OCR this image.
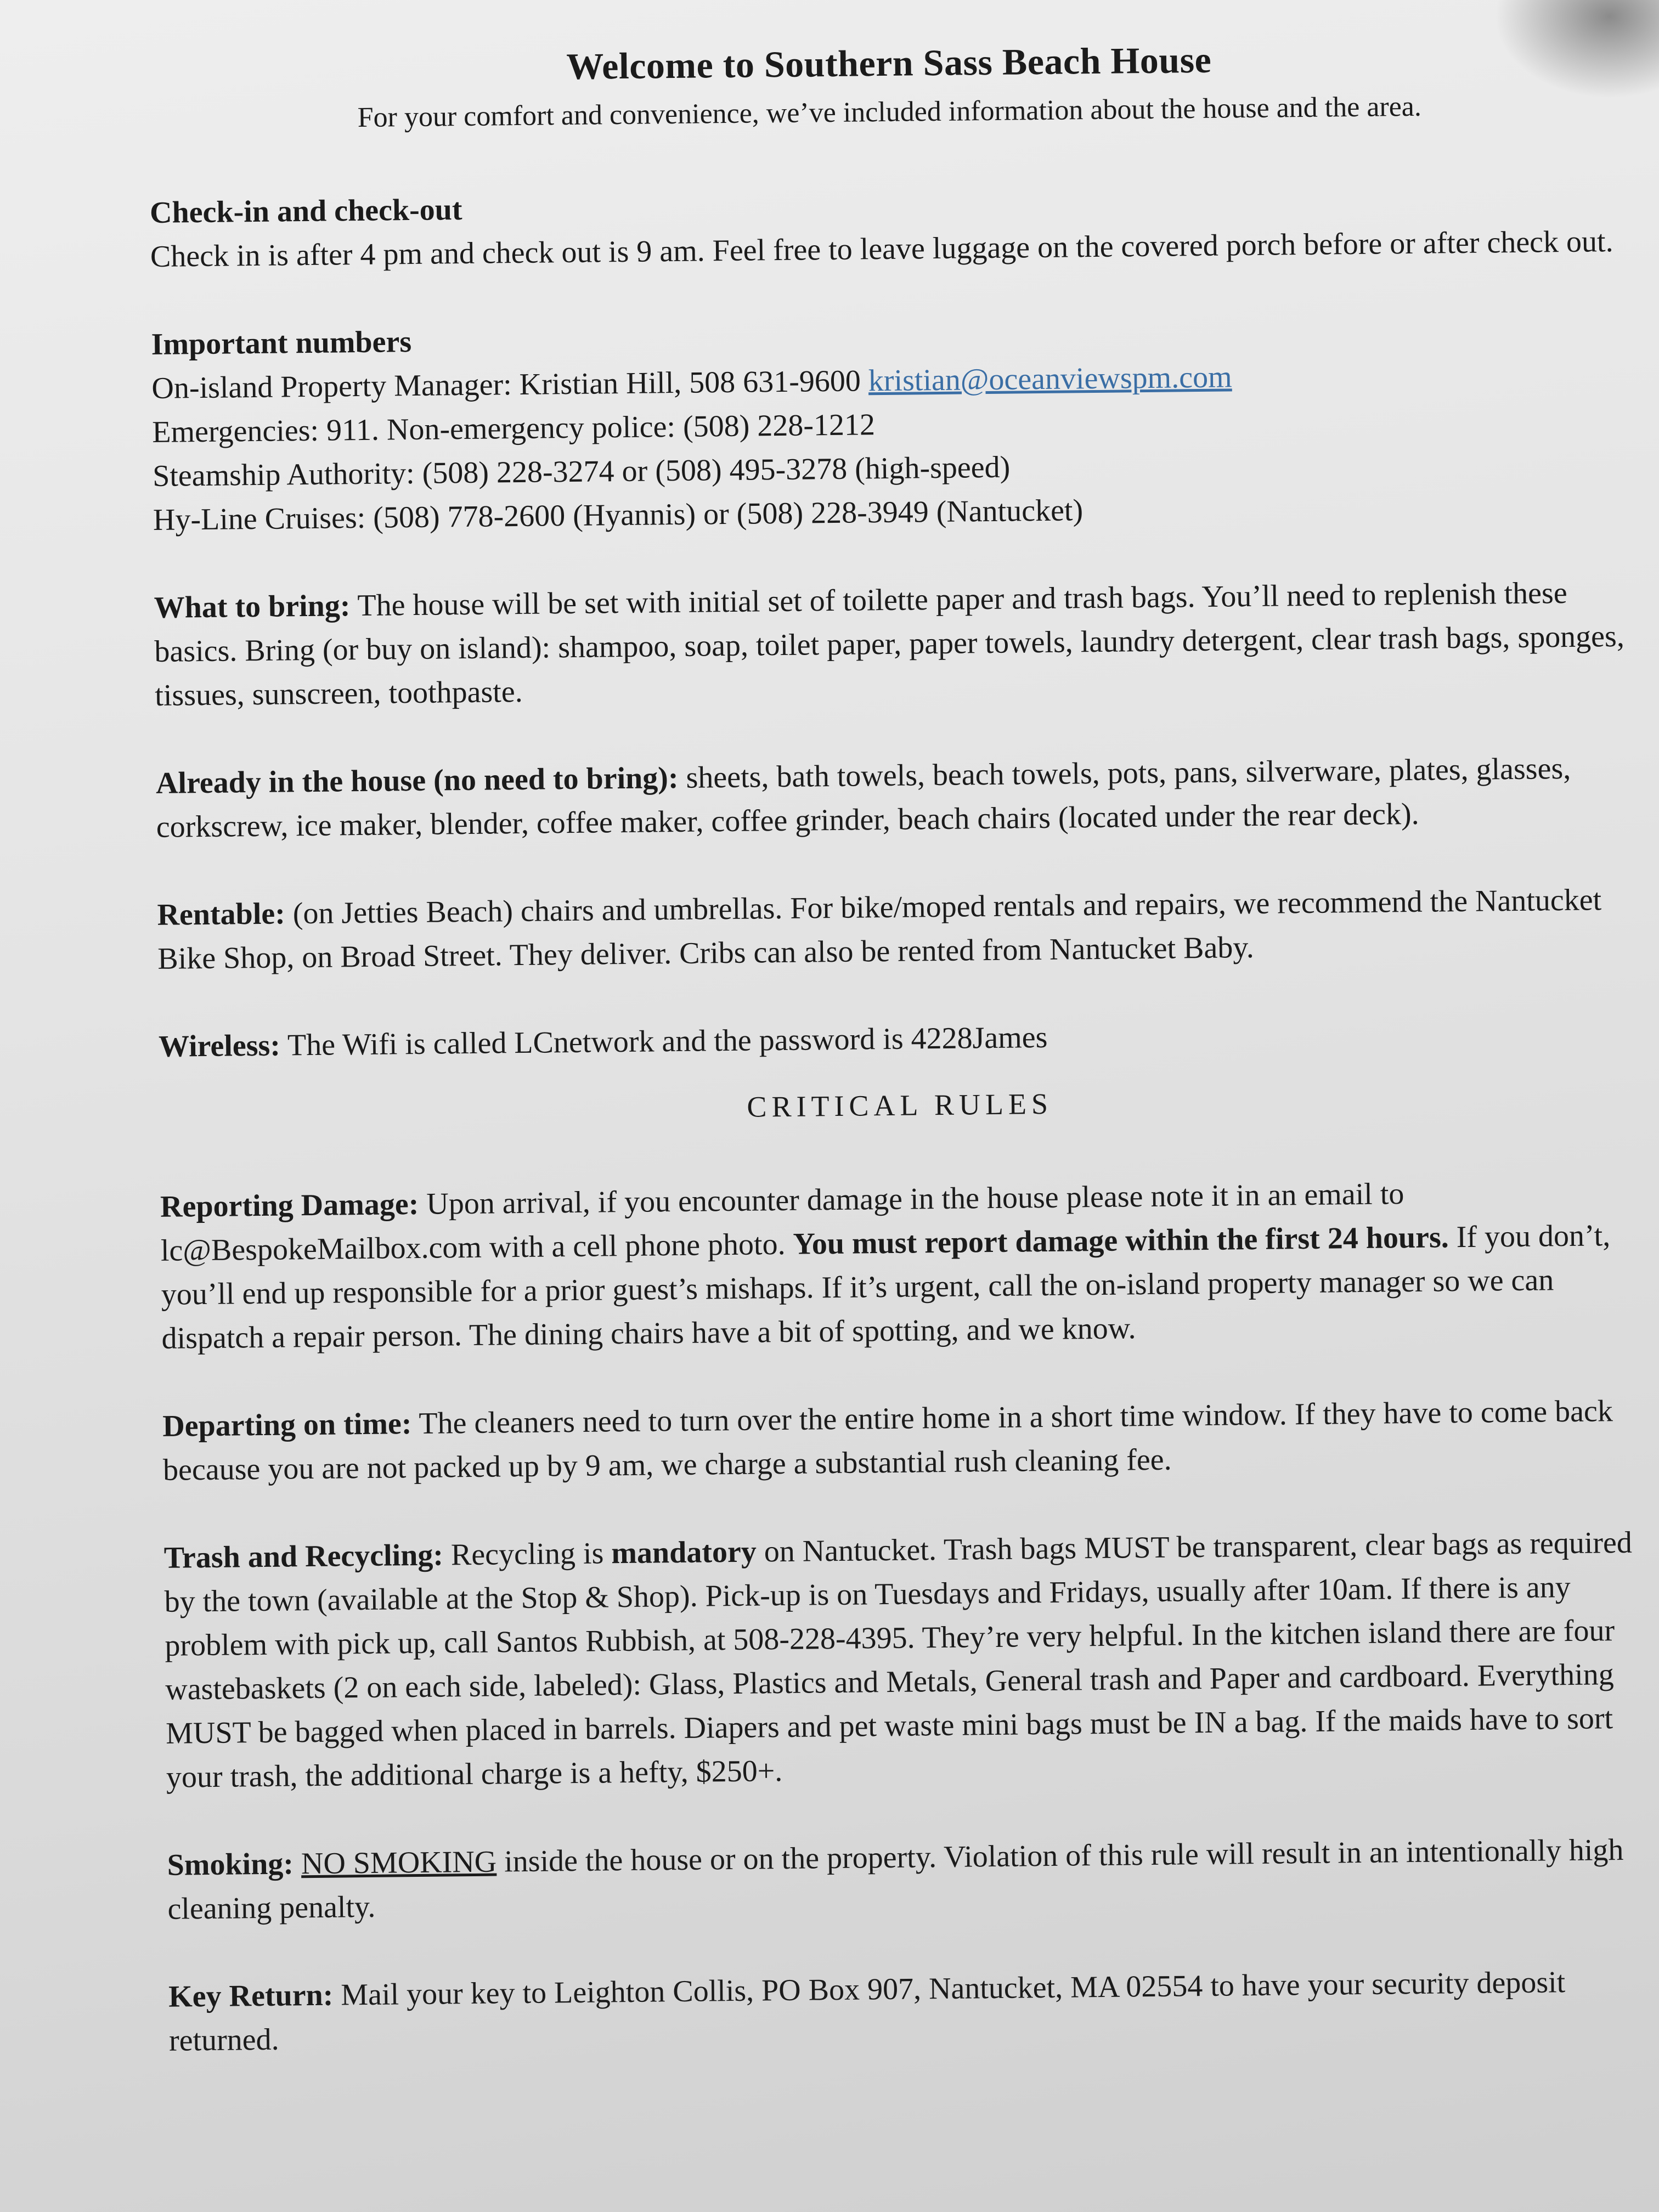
Welcome to Southern Sass Beach House
For your comfort and convenience, we’ve included information about the house and the area.
Check-in and check-out
Check in is after 4 pm and check out is 9 am. Feel free to leave luggage on the covered porch before or after check out.
Important numbers
On-island Property Manager: Kristian Hill, 508 631-9600 kristian@oceanviewspm.com
Emergencies: 911. Non-emergency police: (508) 228-1212
Steamship Authority: (508) 228-3274 or (508) 495-3278 (high-speed)
Hy-Line Cruises: (508) 778-2600 (Hyannis) or (508) 228-3949 (Nantucket)
What to bring: The house will be set with initial set of toilette paper and trash bags. You’ll need to replenish these basics. Bring (or buy on island): shampoo, soap, toilet paper, paper towels, laundry detergent, clear trash bags, sponges, tissues, sunscreen, toothpaste.
Already in the house (no need to bring): sheets, bath towels, beach towels, pots, pans, silverware, plates, glasses, corkscrew, ice maker, blender, coffee maker, coffee grinder, beach chairs (located under the rear deck).
Rentable: (on Jetties Beach) chairs and umbrellas. For bike/moped rentals and repairs, we recommend the Nantucket Bike Shop, on Broad Street. They deliver. Cribs can also be rented from Nantucket Baby.
Wireless: The Wifi is called LCnetwork and the password is 4228James
CRITICAL RULES
Reporting Damage: Upon arrival, if you encounter damage in the house please note it in an email to lc@BespokeMailbox.com with a cell phone photo. You must report damage within the first 24 hours. If you don’t, you’ll end up responsible for a prior guest’s mishaps. If it’s urgent, call the on-island property manager so we can dispatch a repair person. The dining chairs have a bit of spotting, and we know.
Departing on time: The cleaners need to turn over the entire home in a short time window. If they have to come back because you are not packed up by 9 am, we charge a substantial rush cleaning fee.
Trash and Recycling: Recycling is mandatory on Nantucket. Trash bags MUST be transparent, clear bags as required by the town (available at the Stop & Shop). Pick-up is on Tuesdays and Fridays, usually after 10am. If there is any problem with pick up, call Santos Rubbish, at 508-228-4395. They’re very helpful. In the kitchen island there are four wastebaskets (2 on each side, labeled): Glass, Plastics and Metals, General trash and Paper and cardboard. Everything MUST be bagged when placed in barrels. Diapers and pet waste mini bags must be IN a bag. If the maids have to sort your trash, the additional charge is a hefty, $250+.
Smoking: NO SMOKING inside the house or on the property. Violation of this rule will result in an intentionally high cleaning penalty.
Key Return: Mail your key to Leighton Collis, PO Box 907, Nantucket, MA 02554 to have your security deposit returned.
